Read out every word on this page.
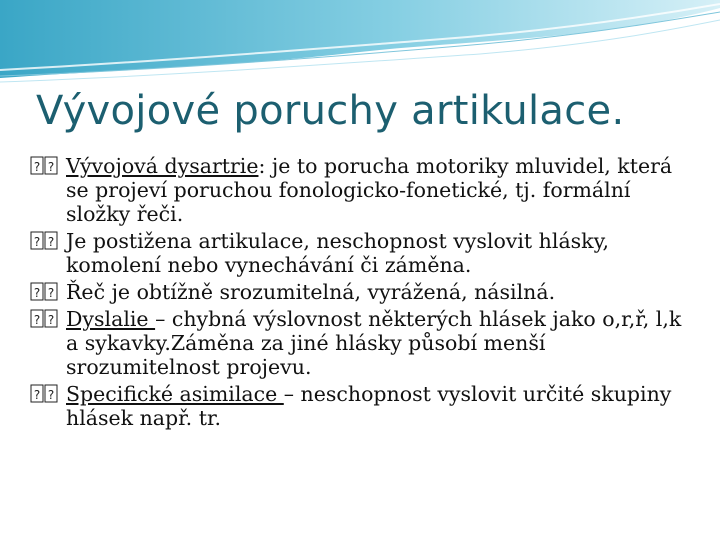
Vývojové poruchy artikulace.
? ? Vývojová dysartrie: je to porucha motoriky mluvidel, která se projeví poruchou fonologicko-fonetické, tj. formální složky řeči.
? ? Je postižena artikulace, neschopnost vyslovit hlásky, komolení nebo vynechávání či záměna.
? ? Řeč je obtížně srozumitelná, vyrážená, násilná.
? ? Dyslalie – chybná výslovnost některých hlásek jako o,r,ř, l,k a sykavky.Záměna za jiné hlásky působí menší srozumitelnost projevu.
? ? Specifické asimilace – neschopnost vyslovit určité skupiny hlásek např. tr.
